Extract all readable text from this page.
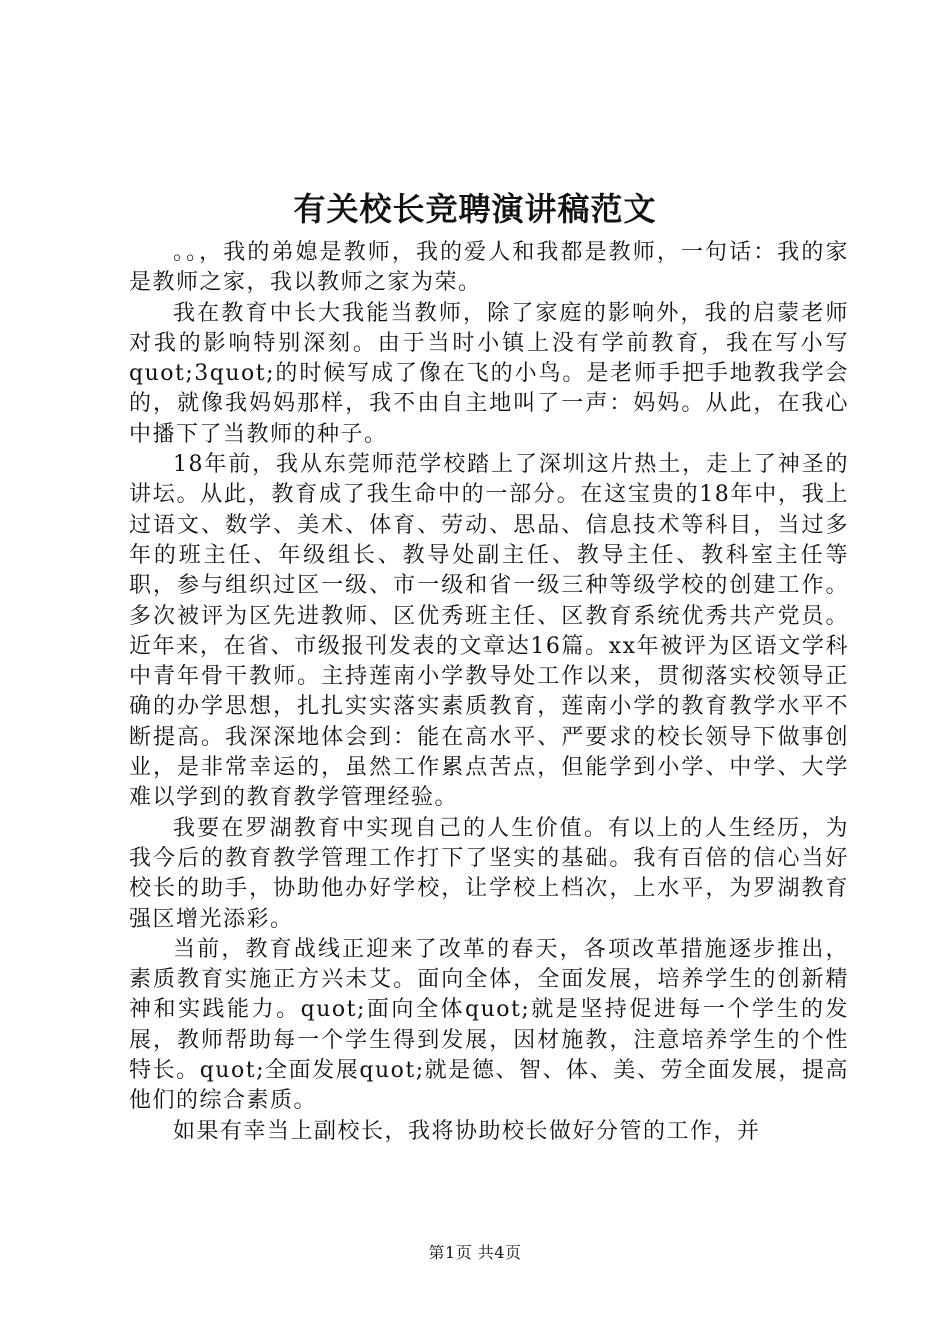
有关校长竞聘演讲稿范文

。。，我的弟媳是教师，我的爱人和我都是教师，一句话：我的家是教师之家，我以教师之家为荣。

我在教育中长大我能当教师，除了家庭的影响外，我的启蒙老师对我的影响特别深刻。由于当时小镇上没有学前教育，我在写小写quot;3quot;的时候写成了像在飞的小鸟。是老师手把手地教我学会的，就像我妈妈那样，我不由自主地叫了一声：妈妈。从此，在我心中播下了当教师的种子。

18年前，我从东莞师范学校踏上了深圳这片热土，走上了神圣的讲坛。从此，教育成了我生命中的一部分。在这宝贵的18年中，我上过语文、数学、美术、体育、劳动、思品、信息技术等科目，当过多年的班主任、年级组长、教导处副主任、教导主任、教科室主任等职，参与组织过区一级、市一级和省一级三种等级学校的创建工作。多次被评为区先进教师、区优秀班主任、区教育系统优秀共产党员。近年来，在省、市级报刊发表的文章达16篇。xx年被评为区语文学科中青年骨干教师。主持莲南小学教导处工作以来，贯彻落实校领导正确的办学思想，扎扎实实落实素质教育，莲南小学的教育教学水平不断提高。我深深地体会到：能在高水平、严要求的校长领导下做事创业，是非常幸运的，虽然工作累点苦点，但能学到小学、中学、大学难以学到的教育教学管理经验。

我要在罗湖教育中实现自己的人生价值。有以上的人生经历，为我今后的教育教学管理工作打下了坚实的基础。我有百倍的信心当好校长的助手，协助他办好学校，让学校上档次，上水平，为罗湖教育强区增光添彩。

当前，教育战线正迎来了改革的春天，各项改革措施逐步推出，素质教育实施正方兴未艾。面向全体，全面发展，培养学生的创新精神和实践能力。quot;面向全体quot;就是坚持促进每一个学生的发展，教师帮助每一个学生得到发展，因材施教，注意培养学生的个性特长。quot;全面发展quot;就是德、智、体、美、劳全面发展，提高他们的综合素质。

如果有幸当上副校长，我将协助校长做好分管的工作，并

第1页 共4页
